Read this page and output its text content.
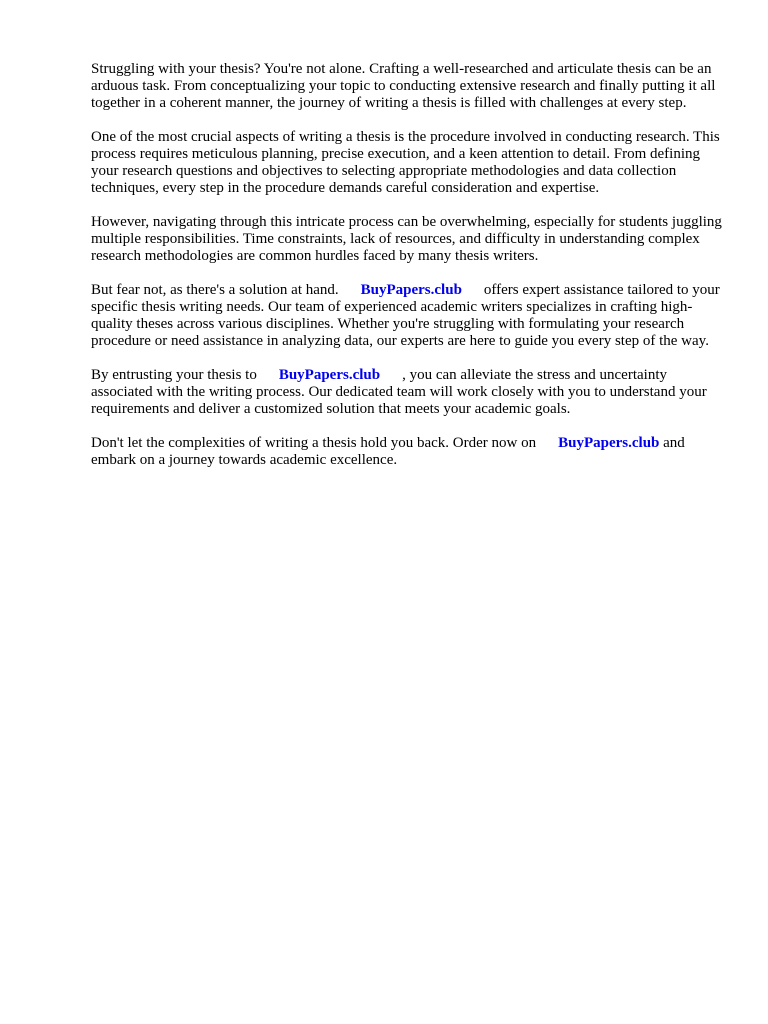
Struggling with your thesis? You're not alone. Crafting a well-researched and articulate thesis can be an arduous task. From conceptualizing your topic to conducting extensive research and finally putting it all together in a coherent manner, the journey of writing a thesis is filled with challenges at every step.

One of the most crucial aspects of writing a thesis is the procedure involved in conducting research. This process requires meticulous planning, precise execution, and a keen attention to detail. From defining your research questions and objectives to selecting appropriate methodologies and data collection techniques, every step in the procedure demands careful consideration and expertise.

However, navigating through this intricate process can be overwhelming, especially for students juggling multiple responsibilities. Time constraints, lack of resources, and difficulty in understanding complex research methodologies are common hurdles faced by many thesis writers.

But fear not, as there's a solution at hand. BuyPapers.club offers expert assistance tailored to your specific thesis writing needs. Our team of experienced academic writers specializes in crafting high-quality theses across various disciplines. Whether you're struggling with formulating your research procedure or need assistance in analyzing data, our experts are here to guide you every step of the way.

By entrusting your thesis to BuyPapers.club , you can alleviate the stress and uncertainty associated with the writing process. Our dedicated team will work closely with you to understand your requirements and deliver a customized solution that meets your academic goals.

Don't let the complexities of writing a thesis hold you back. Order now on BuyPapers.club and embark on a journey towards academic excellence.
